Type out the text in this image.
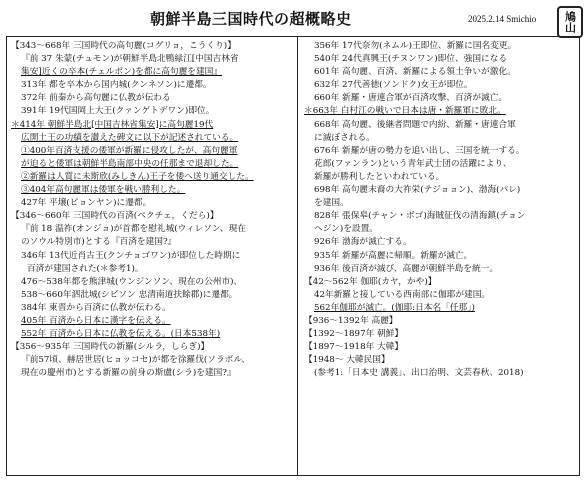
朝鮮半島三国時代の超概略史	2025.2.14 Smichio 鳩山
【343～668年 三国時代の高句麗(コグリョ，こうくり)】
『前 37 朱蒙(チュモン)が朝鮮半島北鴨緑江[中国吉林省
集安]近くの卒本(チェルボン)を都に高句麗を建国』
313年 都を卒本から国内城(クンネソン)に遷都。
372年 前秦から高句麗に仏教が伝わる
391年 19代国岡上大王(クァンゲトデワン)即位。
＊414年 朝鮮半島北[中国吉林省集安]に高句麗19代
広開土王の功績を讃えた碑文に以下が記述されている。
①400年百済支援の倭軍が新羅に侵攻したが、高句麗軍
が迫ると倭軍は朝鮮半島南部中央の任那まで退却した。
②新羅は人質に未斯欣(みしきん)王子を倭へ送り通交した。
③404年高句麗軍は倭軍を戦い勝利した。
427年 平壌(ピョンヤン)に遷都。
【346～660年 三国時代の百済(ペクチェ，くだら)】
『前 18 温祚(オンジョ)が首都を慰礼城(ウィレソン、現在
のソウル特別市)とする『百済を建国?』
346年 13代近肖古王(クンチョゴワン)が即位した時期に
百済が建国された(＊参考1)。
476～538年都を熊津城(ウンジンソン、現在の公州市)、
538～660年泗沘城(シビソン 忠清南道扶餘郡)に遷都。
384年 東晋から百済に仏教が伝わる。
405年 百済から日本に漢字を伝える。
552年 百済から日本に仏教を伝える。(日本538年)
【356～935年 三国時代の新羅(シルラ，しらぎ)】
『前57頃、赫居世居(ヒョッコセ)が都を徐羅伐(ソラボル、
現在の慶州市)とする新羅の前身の斯盧(シラ)を建国?』
356年 17代奈勿(ネムル)王即位、新羅に国名変更。
540年 24代真興王(チヌンワン)即位、強国になる
601年 高句麗、百済、新羅による領土争いが激化。
632年 27代善徳(ソンドク)女王が即位。
660年 新羅・唐連合軍が百済攻撃、百済が滅亡。
＊663年 白村江の戦いで日本は唐・新羅軍に敗北。
668年 高句麗、後継者問題で内紛、新羅・唐連合軍
に滅ぼされる。
676年 新羅が唐の勢力を追い出し、三国を統一する。
花郎(ファンラン)という青年武士団の活躍により、
新羅が勝利したといわれている。
698年 高句麗末裔の大祚栄(テジョョン)、渤海(パレ)
を建国。
828年 張保皋(チャン・ボゴ)海賊征伐の清海鎮(チョン
ヘジン)を設置。
926年 渤海が滅亡する。
935年 新羅が高麗に帰順。新羅が滅亡。
936年 後百済が滅び、高麗が朝鮮半島を統一。
【42～562年 伽耶(カヤ，かや)】
42年新羅と接している西南部に伽耶が建国。
562年伽耶が滅亡。(伽耶:日本名「任那」)
【936～1392年 高麗】
【1392～1897年 朝鮮】
【1897～1918年 大韓】
【1948～ 大韓民国】
(参考1:「日本史 講義」、出口治明、文芸春秋、2018)
